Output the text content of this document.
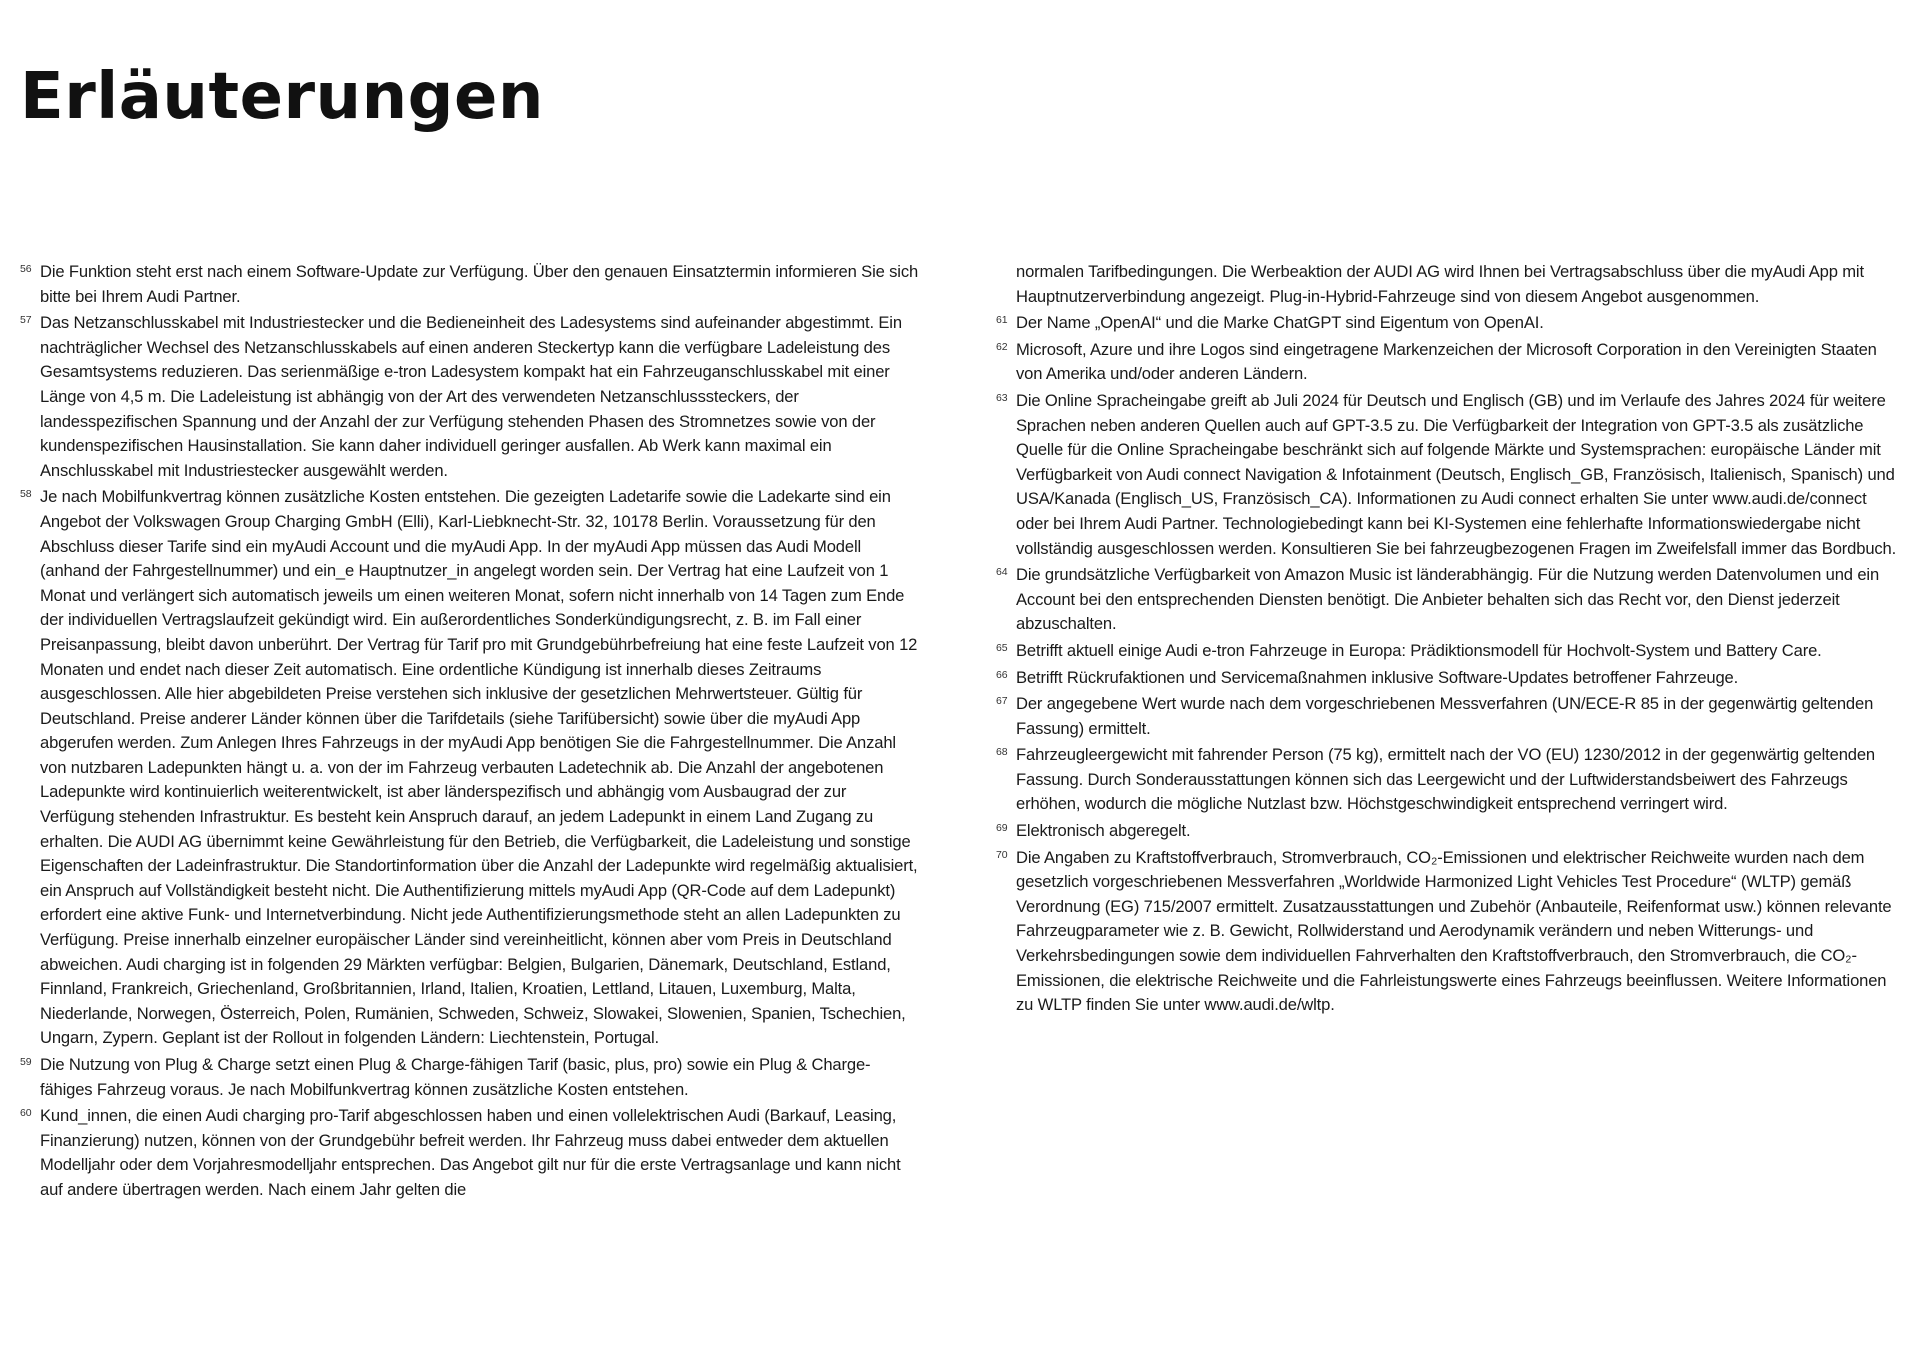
Erläuterungen
56 Die Funktion steht erst nach einem Software-Update zur Verfügung. Über den genauen Einsatztermin informieren Sie sich bitte bei Ihrem Audi Partner.
57 Das Netzanschlusskabel mit Industriestecker und die Bedieneinheit des Ladesystems sind aufeinander abgestimmt. Ein nachträglicher Wechsel des Netzanschlusskabels auf einen anderen Steckertyp kann die verfügbare Ladeleistung des Gesamtsystems reduzieren. Das serienmäßige e-tron Ladesystem kompakt hat ein Fahrzeuganschlusskabel mit einer Länge von 4,5 m. Die Ladeleistung ist abhängig von der Art des verwendeten Netzanschlusssteckers, der landesspezifischen Spannung und der Anzahl der zur Verfügung stehenden Phasen des Stromnetzes sowie von der kundenspezifischen Hausinstallation. Sie kann daher individuell geringer ausfallen. Ab Werk kann maximal ein Anschlusskabel mit Industriestecker ausgewählt werden.
58 Je nach Mobilfunkvertrag können zusätzliche Kosten entstehen. Die gezeigten Ladetarife sowie die Ladekarte sind ein Angebot der Volkswagen Group Charging GmbH (Elli), Karl-Liebknecht-Str. 32, 10178 Berlin. Voraussetzung für den Abschluss dieser Tarife sind ein myAudi Account und die myAudi App. In der myAudi App müssen das Audi Modell (anhand der Fahrgestellnummer) und ein_e Hauptnutzer_in angelegt worden sein. Der Vertrag hat eine Laufzeit von 1 Monat und verlängert sich automatisch jeweils um einen weiteren Monat, sofern nicht innerhalb von 14 Tagen zum Ende der individuellen Vertragslaufzeit gekündigt wird. Ein außerordentliches Sonderkündigungsrecht, z. B. im Fall einer Preisanpassung, bleibt davon unberührt. Der Vertrag für Tarif pro mit Grundgebührbefreiung hat eine feste Laufzeit von 12 Monaten und endet nach dieser Zeit automatisch. Eine ordentliche Kündigung ist innerhalb dieses Zeitraums ausgeschlossen. Alle hier abgebildeten Preise verstehen sich inklusive der gesetzlichen Mehrwertsteuer. Gültig für Deutschland. Preise anderer Länder können über die Tarifdetails (siehe Tarifübersicht) sowie über die myAudi App abgerufen werden. Zum Anlegen Ihres Fahrzeugs in der myAudi App benötigen Sie die Fahrgestellnummer. Die Anzahl von nutzbaren Ladepunkten hängt u. a. von der im Fahrzeug verbauten Ladetechnik ab. Die Anzahl der angebotenen Ladepunkte wird kontinuierlich weiterentwickelt, ist aber länderspezifisch und abhängig vom Ausbaugrad der zur Verfügung stehenden Infrastruktur. Es besteht kein Anspruch darauf, an jedem Ladepunkt in einem Land Zugang zu erhalten. Die AUDI AG übernimmt keine Gewährleistung für den Betrieb, die Verfügbarkeit, die Ladeleistung und sonstige Eigenschaften der Ladeinfrastruktur. Die Standortinformation über die Anzahl der Ladepunkte wird regelmäßig aktualisiert, ein Anspruch auf Vollständigkeit besteht nicht. Die Authentifizierung mittels myAudi App (QR-Code auf dem Ladepunkt) erfordert eine aktive Funk- und Internetverbindung. Nicht jede Authentifizierungsmethode steht an allen Ladepunkten zu Verfügung. Preise innerhalb einzelner europäischer Länder sind vereinheitlicht, können aber vom Preis in Deutschland abweichen. Audi charging ist in folgenden 29 Märkten verfügbar: Belgien, Bulgarien, Dänemark, Deutschland, Estland, Finnland, Frankreich, Griechenland, Großbritannien, Irland, Italien, Kroatien, Lettland, Litauen, Luxemburg, Malta, Niederlande, Norwegen, Österreich, Polen, Rumänien, Schweden, Schweiz, Slowakei, Slowenien, Spanien, Tschechien, Ungarn, Zypern. Geplant ist der Rollout in folgenden Ländern: Liechtenstein, Portugal.
59 Die Nutzung von Plug & Charge setzt einen Plug & Charge-fähigen Tarif (basic, plus, pro) sowie ein Plug & Charge-fähiges Fahrzeug voraus. Je nach Mobilfunkvertrag können zusätzliche Kosten entstehen.
60 Kund_innen, die einen Audi charging pro-Tarif abgeschlossen haben und einen vollelektrischen Audi (Barkauf, Leasing, Finanzierung) nutzen, können von der Grundgebühr befreit werden. Ihr Fahrzeug muss dabei entweder dem aktuellen Modelljahr oder dem Vorjahresmodelljahr entsprechen. Das Angebot gilt nur für die erste Vertragsanlage und kann nicht auf andere übertragen werden. Nach einem Jahr gelten die
normalen Tarifbedingungen. Die Werbeaktion der AUDI AG wird Ihnen bei Vertragsabschluss über die myAudi App mit Hauptnutzerverbindung angezeigt. Plug-in-Hybrid-Fahrzeuge sind von diesem Angebot ausgenommen.
61 Der Name „OpenAI“ und die Marke ChatGPT sind Eigentum von OpenAI.
62 Microsoft, Azure und ihre Logos sind eingetragene Markenzeichen der Microsoft Corporation in den Vereinigten Staaten von Amerika und/oder anderen Ländern.
63 Die Online Spracheingabe greift ab Juli 2024 für Deutsch und Englisch (GB) und im Verlaufe des Jahres 2024 für weitere Sprachen neben anderen Quellen auch auf GPT-3.5 zu. Die Verfügbarkeit der Integration von GPT-3.5 als zusätzliche Quelle für die Online Spracheingabe beschränkt sich auf folgende Märkte und Systemsprachen: europäische Länder mit Verfügbarkeit von Audi connect Navigation & Infotainment (Deutsch, Englisch_GB, Französisch, Italienisch, Spanisch) und USA/Kanada (Englisch_US, Französisch_CA). Informationen zu Audi connect erhalten Sie unter www.audi.de/connect oder bei Ihrem Audi Partner. Technologiebedingt kann bei KI-Systemen eine fehlerhafte Informationswiedergabe nicht vollständig ausgeschlossen werden. Konsultieren Sie bei fahrzeugbezogenen Fragen im Zweifelsfall immer das Bordbuch.
64 Die grundsätzliche Verfügbarkeit von Amazon Music ist länderabhängig. Für die Nutzung werden Datenvolumen und ein Account bei den entsprechenden Diensten benötigt. Die Anbieter behalten sich das Recht vor, den Dienst jederzeit abzuschalten.
65 Betrifft aktuell einige Audi e-tron Fahrzeuge in Europa: Prädiktionsmodell für Hochvolt-System und Battery Care.
66 Betrifft Rückrufaktionen und Servicemaßnahmen inklusive Software-Updates betroffener Fahrzeuge.
67 Der angegebene Wert wurde nach dem vorgeschriebenen Messverfahren (UN/ECE-R 85 in der gegenwärtig geltenden Fassung) ermittelt.
68 Fahrzeugleergewicht mit fahrender Person (75 kg), ermittelt nach der VO (EU) 1230/2012 in der gegenwärtig geltenden Fassung. Durch Sonderausstattungen können sich das Leergewicht und der Luftwiderstandsbeiwert des Fahrzeugs erhöhen, wodurch die mögliche Nutzlast bzw. Höchstgeschwindigkeit entsprechend verringert wird.
69 Elektronisch abgeregelt.
70 Die Angaben zu Kraftstoffverbrauch, Stromverbrauch, CO₂-Emissionen und elektrischer Reichweite wurden nach dem gesetzlich vorgeschriebenen Messverfahren „Worldwide Harmonized Light Vehicles Test Procedure“ (WLTP) gemäß Verordnung (EG) 715/2007 ermittelt. Zusatzausstattungen und Zubehör (Anbauteile, Reifenformat usw.) können relevante Fahrzeugparameter wie z. B. Gewicht, Rollwiderstand und Aerodynamik verändern und neben Witterungs- und Verkehrsbedingungen sowie dem individuellen Fahrverhalten den Kraftstoffverbrauch, den Stromverbrauch, die CO₂-Emissionen, die elektrische Reichweite und die Fahrleistungswerte eines Fahrzeugs beeinflussen. Weitere Informationen zu WLTP finden Sie unter www.audi.de/wltp.
